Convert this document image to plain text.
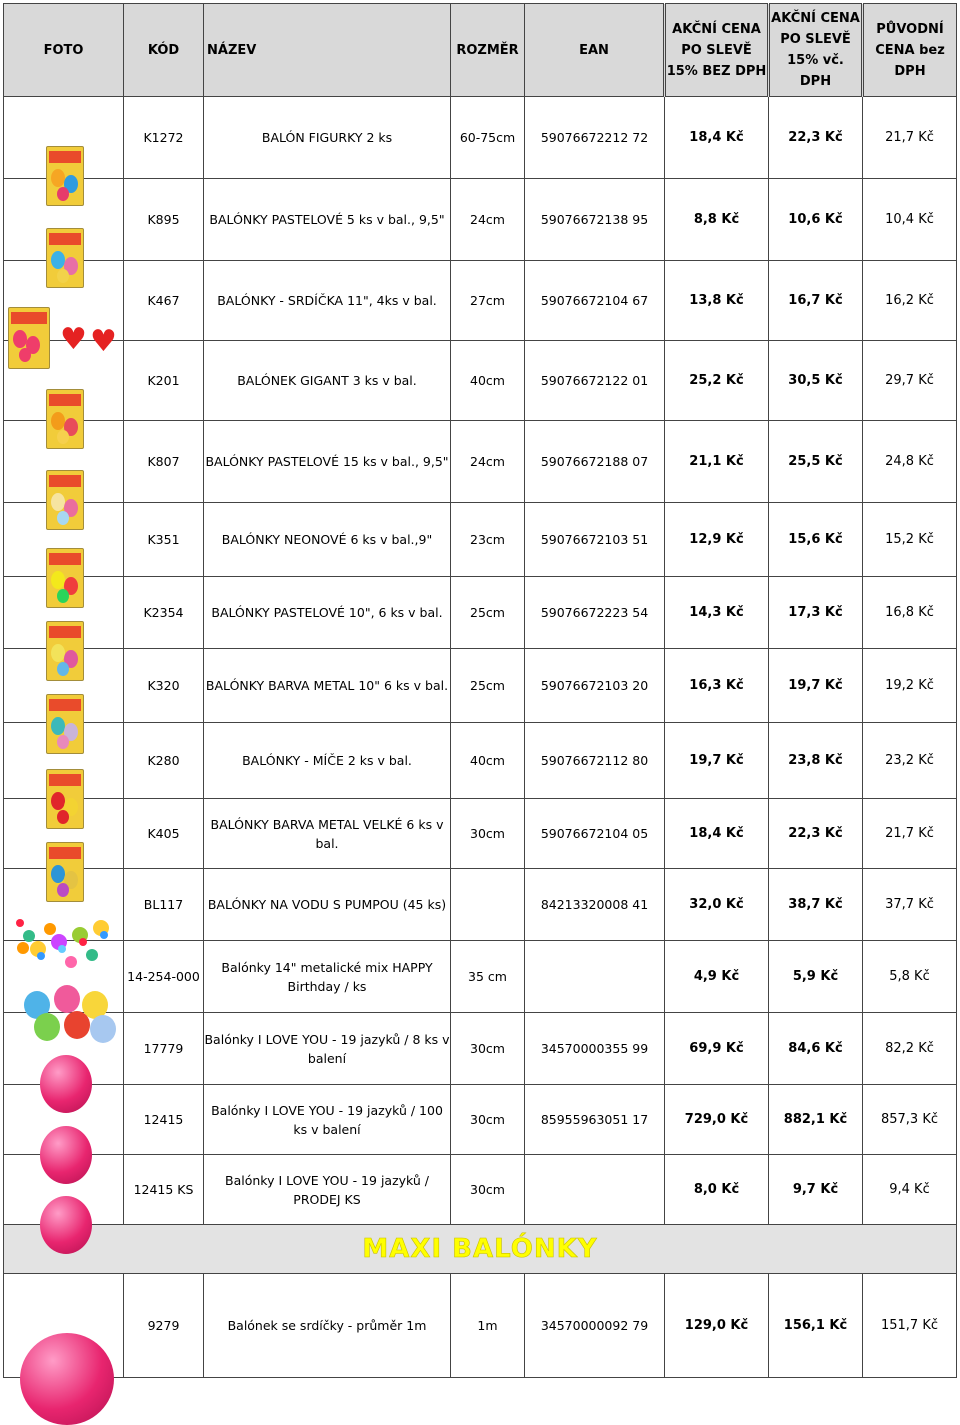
FOTO	KÓD	NÁZEV	ROZMĚR	EAN	AKČNÍ CENA PO SLEVĚ 15% BEZ DPH	AKČNÍ CENA PO SLEVĚ 15% vč. DPH	PŮVODNÍ CENA bez DPH

	K1272	BALÓN FIGURKY 2 ks	60-75cm	59076672212 72	18,4 Kč	22,3 Kč	21,7 Kč

	K895	BALÓNKY PASTELOVÉ 5 ks v bal., 9,5"	24cm	59076672138 95	8,8 Kč	10,6 Kč	10,4 Kč

♥ ♥	K467	BALÓNKY - SRDÍČKA 11", 4ks v bal.	27cm	59076672104 67	13,8 Kč	16,7 Kč	16,2 Kč

	K201	BALÓNEK GIGANT 3 ks v bal.	40cm	59076672122 01	25,2 Kč	30,5 Kč	29,7 Kč

	K807	BALÓNKY PASTELOVÉ 15 ks v bal., 9,5"	24cm	59076672188 07	21,1 Kč	25,5 Kč	24,8 Kč

	K351	BALÓNKY NEONOVÉ 6 ks v bal.,9"	23cm	59076672103 51	12,9 Kč	15,6 Kč	15,2 Kč

	K2354	BALÓNKY PASTELOVÉ 10", 6 ks v bal.	25cm	59076672223 54	14,3 Kč	17,3 Kč	16,8 Kč

	K320	BALÓNKY BARVA METAL 10" 6 ks v bal.	25cm	59076672103 20	16,3 Kč	19,7 Kč	19,2 Kč

	K280	BALÓNKY - MÍČE 2 ks v bal.	40cm	59076672112 80	19,7 Kč	23,8 Kč	23,2 Kč

	K405	BALÓNKY BARVA METAL VELKÉ 6 ks v bal.	30cm	59076672104 05	18,4 Kč	22,3 Kč	21,7 Kč

	BL117	BALÓNKY NA VODU S PUMPOU (45 ks)		84213320008 41	32,0 Kč	38,7 Kč	37,7 Kč

	14-254-000	Balónky 14" metalické mix HAPPY Birthday / ks	35 cm		4,9 Kč	5,9 Kč	5,8 Kč

	17779	Balónky I LOVE YOU - 19 jazyků / 8 ks v balení	30cm	34570000355 99	69,9 Kč	84,6 Kč	82,2 Kč

	12415	Balónky I LOVE YOU - 19 jazyků / 100 ks v balení	30cm	85955963051 17	729,0 Kč	882,1 Kč	857,3 Kč

	12415 KS	Balónky I LOVE YOU - 19 jazyků / PRODEJ KS	30cm		8,0 Kč	9,7 Kč	9,4 Kč
MAXI BALÓNKY							

	9279	Balónek se srdíčky - průměr 1m	1m	34570000092 79	129,0 Kč	156,1 Kč	151,7 Kč
